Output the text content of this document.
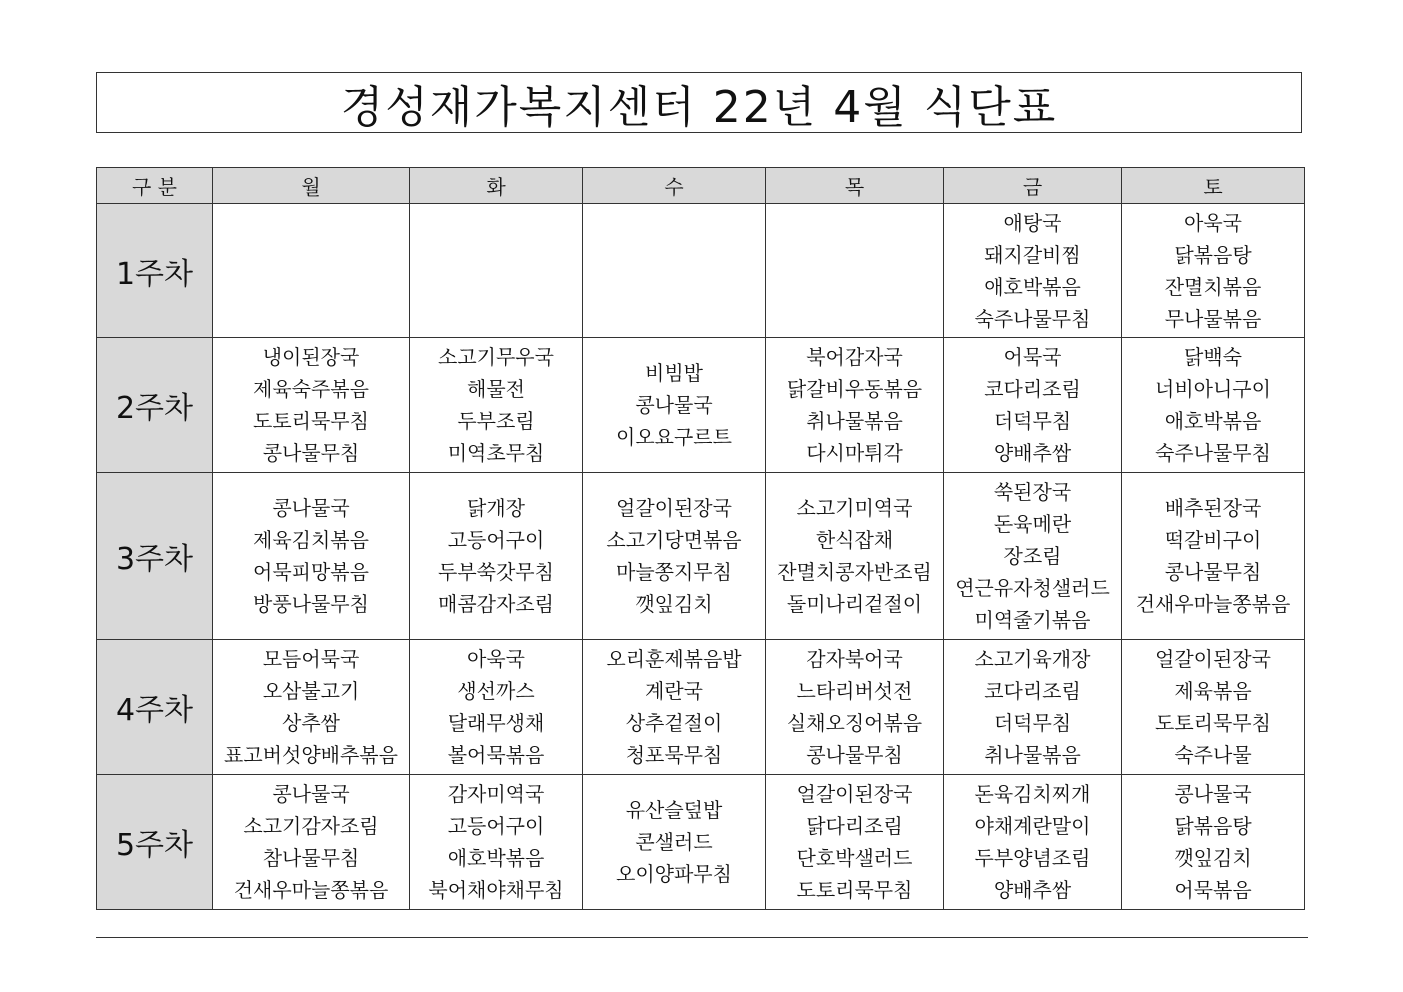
경성재가복지센터 22년 4월 식단표
구 분	월	화	수	목	금	토
1주차					애탕국
돼지갈비찜
애호박볶음
숙주나물무침	아욱국
닭볶음탕
잔멸치볶음
무나물볶음

2주차	냉이된장국
제육숙주볶음
도토리묵무침
콩나물무침	소고기무우국
해물전
두부조림
미역초무침	비빔밥
콩나물국
이오요구르트	북어감자국
닭갈비우동볶음
취나물볶음
다시마튀각	어묵국
코다리조림
더덕무침
양배추쌈	닭백숙
너비아니구이
애호박볶음
숙주나물무침

3주차	콩나물국
제육김치볶음
어묵피망볶음
방풍나물무침	닭개장
고등어구이
두부쑥갓무침
매콤감자조림	얼갈이된장국
소고기당면볶음
마늘쫑지무침
깻잎김치	소고기미역국
한식잡채
잔멸치콩자반조림
돌미나리겉절이	쑥된장국
돈육메란
장조림
연근유자청샐러드
미역줄기볶음	배추된장국
떡갈비구이
콩나물무침
건새우마늘쫑볶음

4주차	모듬어묵국
오삼불고기
상추쌈
표고버섯양배추볶음	아욱국
생선까스
달래무생채
볼어묵볶음	오리훈제볶음밥
계란국
상추겉절이
청포묵무침	감자북어국
느타리버섯전
실채오징어볶음
콩나물무침	소고기육개장
코다리조림
더덕무침
취나물볶음	얼갈이된장국
제육볶음
도토리묵무침
숙주나물

5주차	콩나물국
소고기감자조림
참나물무침
건새우마늘쫑볶음	감자미역국
고등어구이
애호박볶음
북어채야채무침	유산슬덮밥
콘샐러드
오이양파무침	얼갈이된장국
닭다리조림
단호박샐러드
도토리묵무침	돈육김치찌개
야채계란말이
두부양념조림
양배추쌈	콩나물국
닭볶음탕
깻잎김치
어묵볶음
